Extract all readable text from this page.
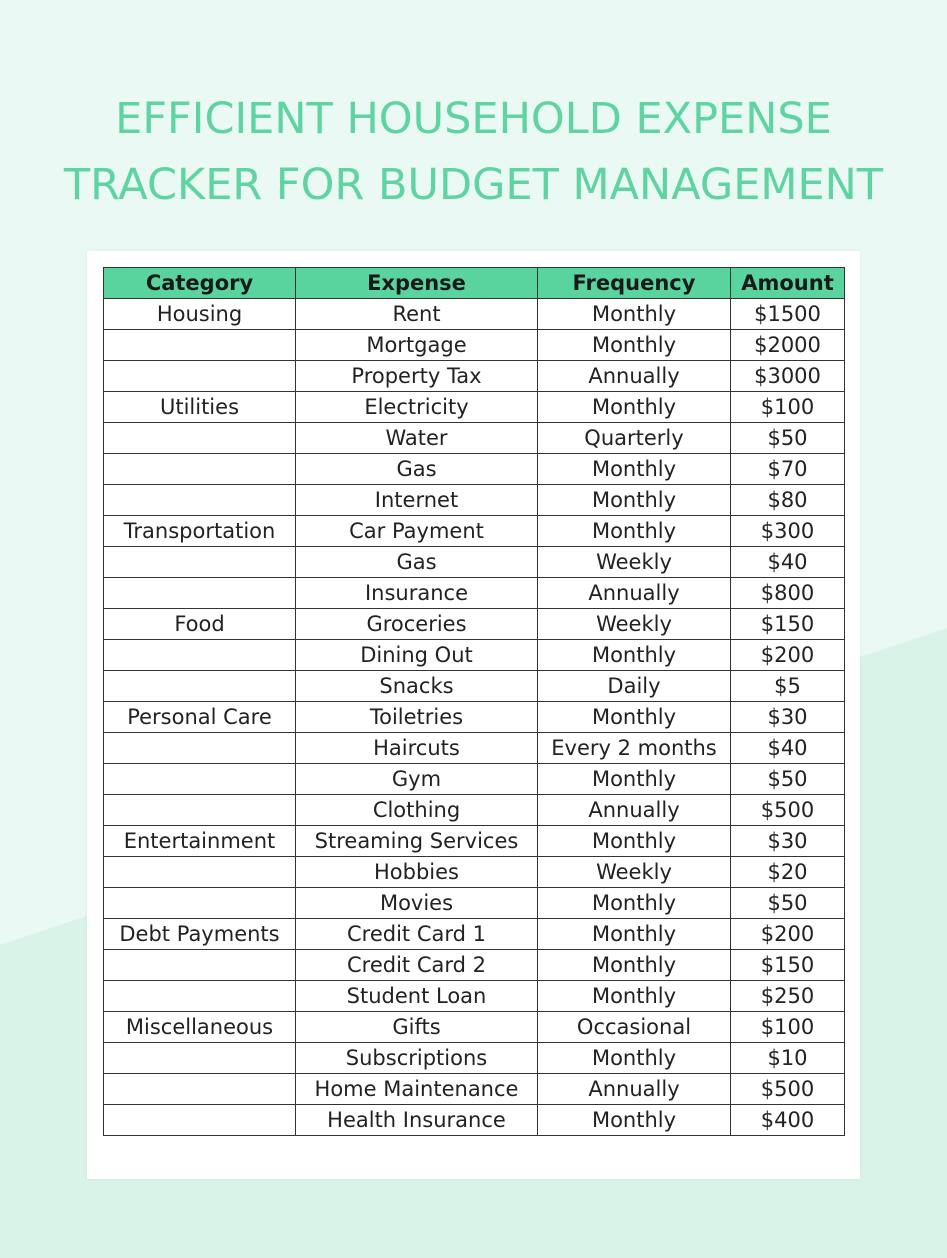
EFFICIENT HOUSEHOLD EXPENSE
TRACKER FOR BUDGET MANAGEMENT
Category	Expense	Frequency	Amount
Housing	Rent	Monthly	$1500
	Mortgage	Monthly	$2000
	Property Tax	Annually	$3000
Utilities	Electricity	Monthly	$100
	Water	Quarterly	$50
	Gas	Monthly	$70
	Internet	Monthly	$80
Transportation	Car Payment	Monthly	$300
	Gas	Weekly	$40
	Insurance	Annually	$800
Food	Groceries	Weekly	$150
	Dining Out	Monthly	$200
	Snacks	Daily	$5
Personal Care	Toiletries	Monthly	$30
	Haircuts	Every 2 months	$40
	Gym	Monthly	$50
	Clothing	Annually	$500
Entertainment	Streaming Services	Monthly	$30
	Hobbies	Weekly	$20
	Movies	Monthly	$50
Debt Payments	Credit Card 1	Monthly	$200
	Credit Card 2	Monthly	$150
	Student Loan	Monthly	$250
Miscellaneous	Gifts	Occasional	$100
	Subscriptions	Monthly	$10
	Home Maintenance	Annually	$500
	Health Insurance	Monthly	$400
